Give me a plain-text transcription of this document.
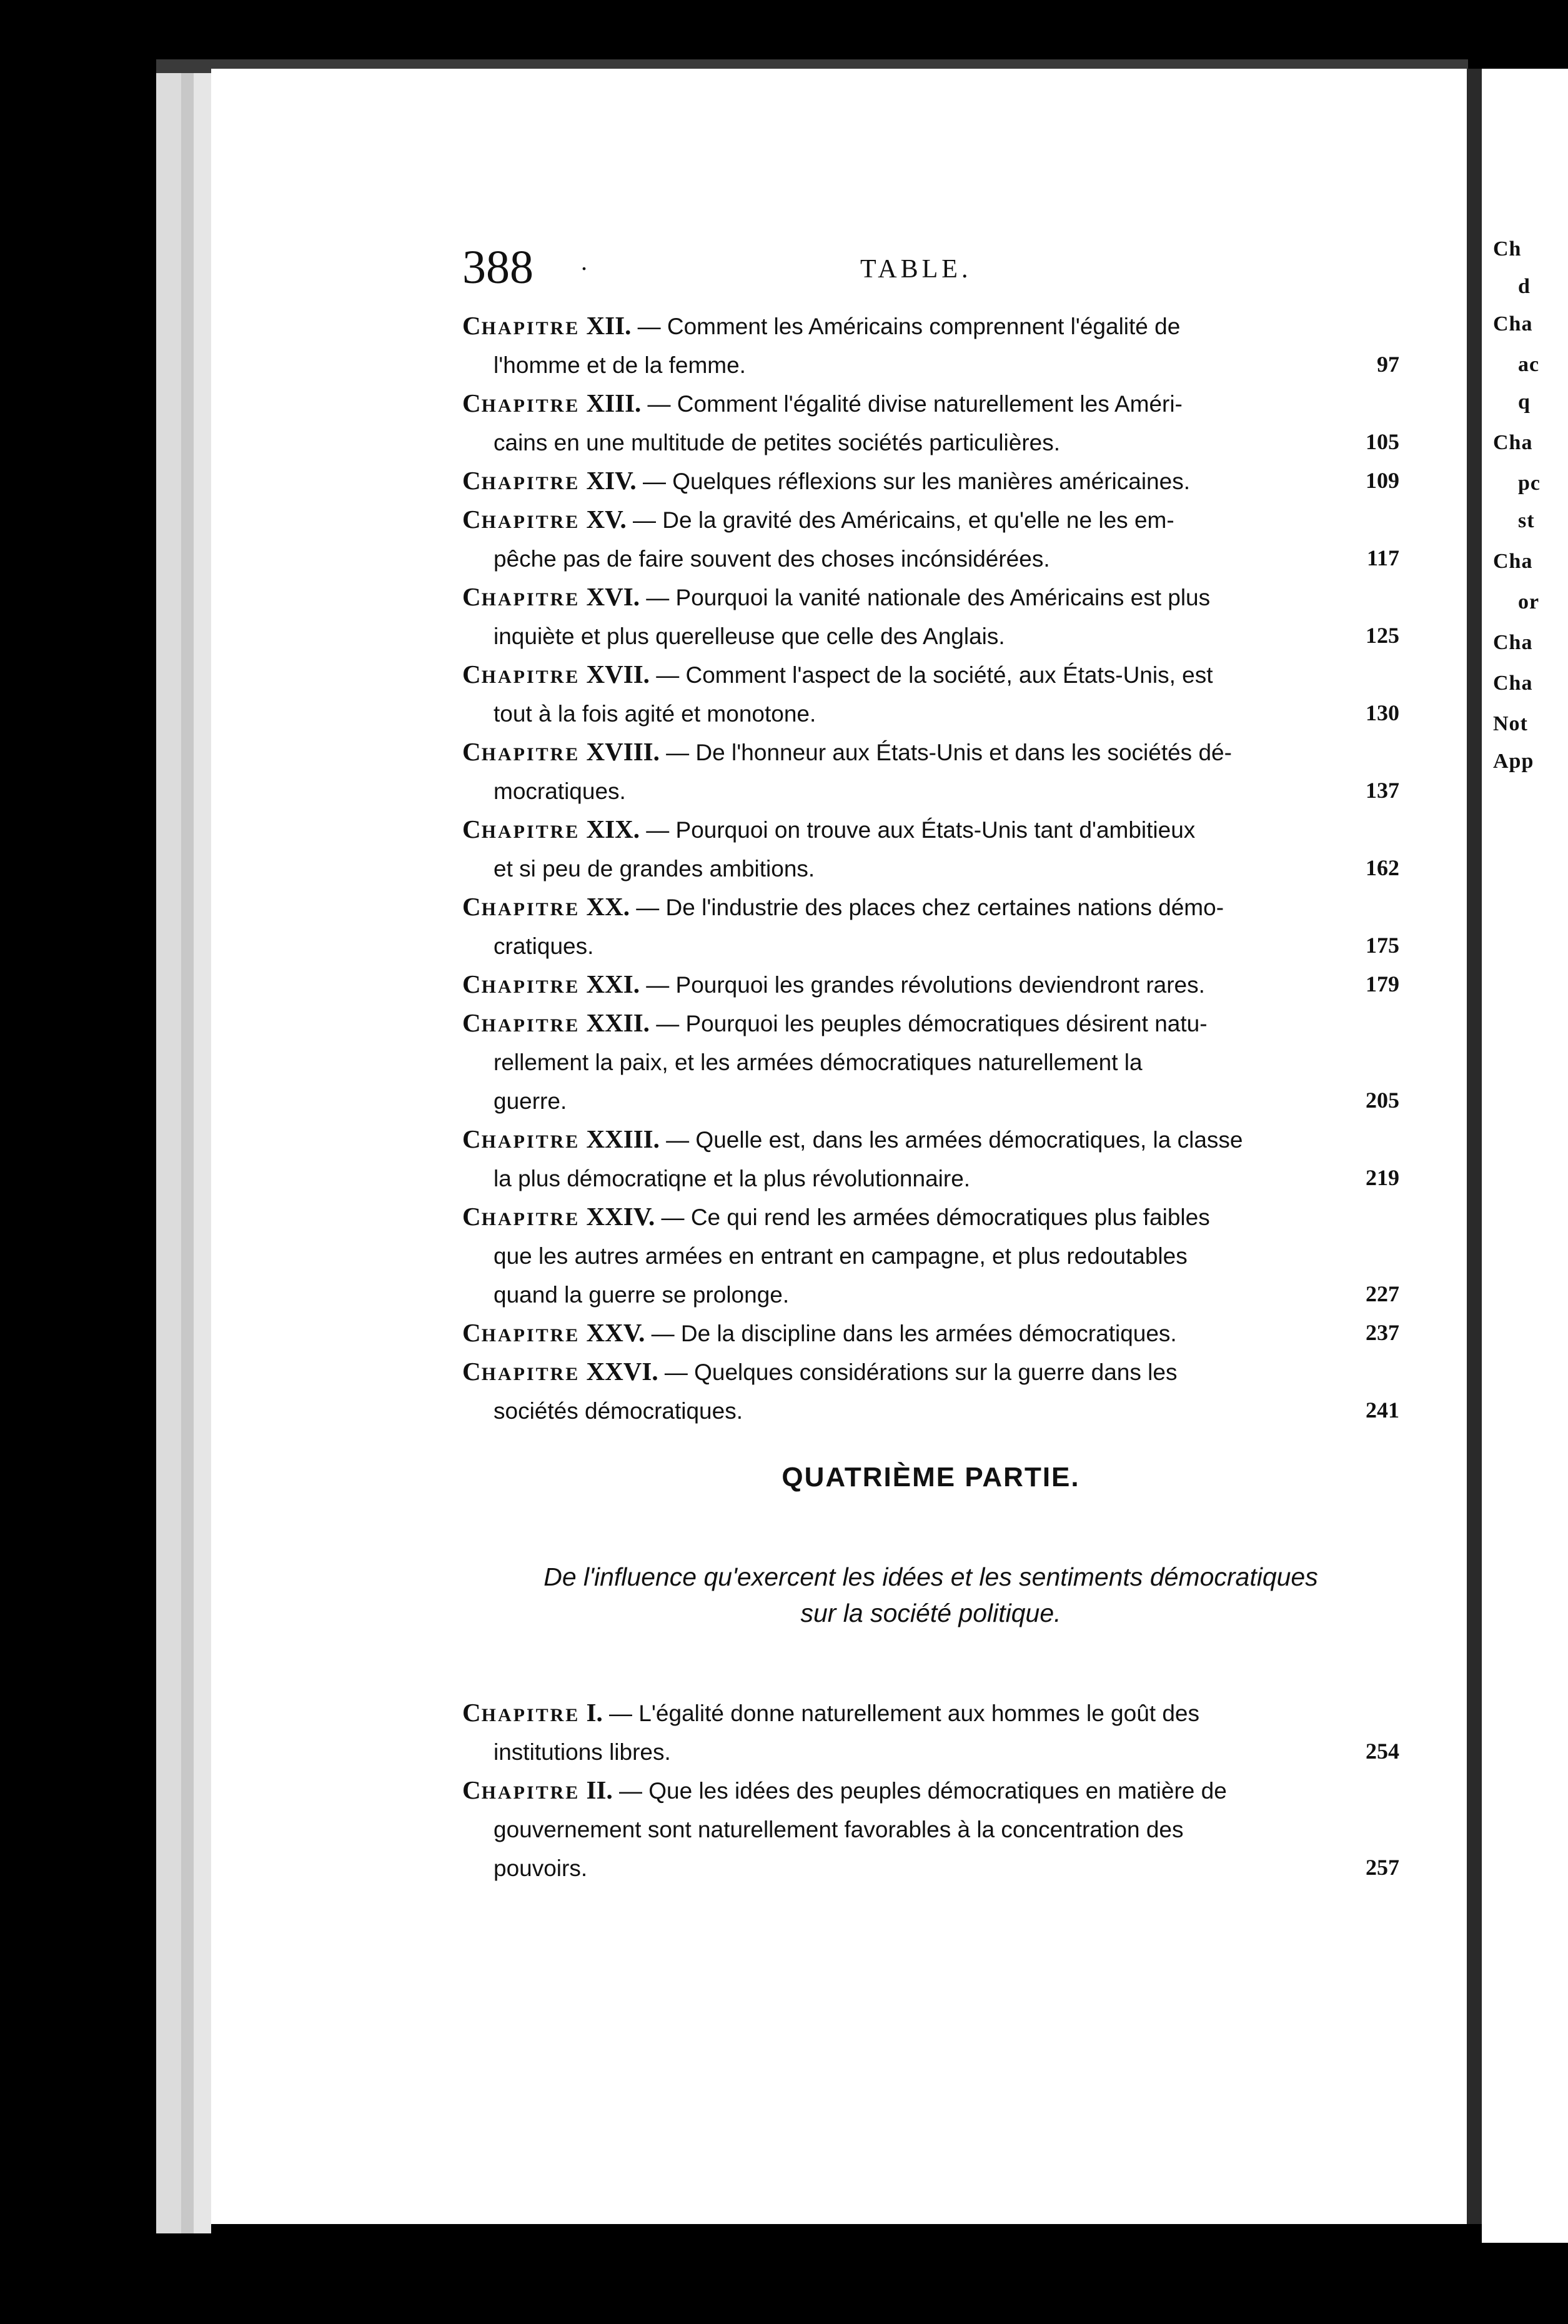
Ch
d
Cha
ac
q
Cha
pc
st
Cha
or
Cha
Cha
Not
App
388 .	TABLE.
CHAPITRE XII. — Comment les Américains comprennent l'égalité de
l'homme et de la femme.	97
CHAPITRE XIII. — Comment l'égalité divise naturellement les Améri-
cains en une multitude de petites sociétés particulières.	105
CHAPITRE XIV. — Quelques réflexions sur les manières américaines.	109
CHAPITRE XV. — De la gravité des Américains, et qu'elle ne les em-
pêche pas de faire souvent des choses incónsidérées.	117
CHAPITRE XVI. — Pourquoi la vanité nationale des Américains est plus
inquiète et plus querelleuse que celle des Anglais.	125
CHAPITRE XVII. — Comment l'aspect de la société, aux États-Unis, est
tout à la fois agité et monotone.	130
CHAPITRE XVIII. — De l'honneur aux États-Unis et dans les sociétés dé-
mocratiques.	137
CHAPITRE XIX. — Pourquoi on trouve aux États-Unis tant d'ambitieux
et si peu de grandes ambitions.	162
CHAPITRE XX. — De l'industrie des places chez certaines nations démo-
cratiques.	175
CHAPITRE XXI. — Pourquoi les grandes révolutions deviendront rares.	179
CHAPITRE XXII. — Pourquoi les peuples démocratiques désirent natu-
rellement la paix, et les armées démocratiques naturellement la
guerre.	205
CHAPITRE XXIII. — Quelle est, dans les armées démocratiques, la classe
la plus démocratiqne et la plus révolutionnaire.	219
CHAPITRE XXIV. — Ce qui rend les armées démocratiques plus faibles
que les autres armées en entrant en campagne, et plus redoutables
quand la guerre se prolonge.	227
CHAPITRE XXV. — De la discipline dans les armées démocratiques.	237
CHAPITRE XXVI. — Quelques considérations sur la guerre dans les
sociétés démocratiques.	241
CHAPITRE I. — L'égalité donne naturellement aux hommes le goût des
institutions libres.	254
CHAPITRE II. — Que les idées des peuples démocratiques en matière de
gouvernement sont naturellement favorables à la concentration des
pouvoirs.	257
QUATRIÈME PARTIE.
De l'influence qu'exercent les idées et les sentiments démocratiques
sur la société politique.
